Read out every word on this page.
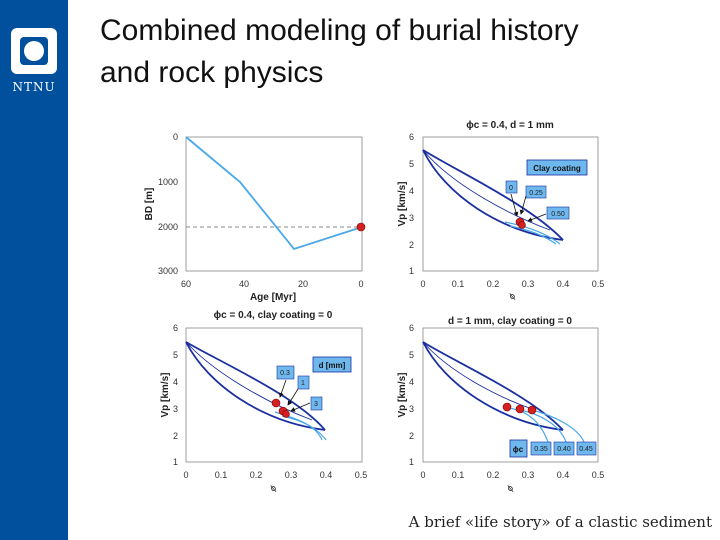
NTNU
Combined modeling of burial history
and rock physics
0
1000
2000
3000
60	40	20	0
BD [m]
Age [Myr]
ϕc = 0.4, d = 1 mm
Clay coating
0
0.25
0.50
6
5
4
3
2
1
0	0.1 0.2 0.3 0.4 0.5
Vp [km/s]
ϕ
ϕc = 0.4, clay coating = 0
d [mm]
0.3
1
3
6
5
4
3
2
1
0	0.1 0.2 0.3 0.4 0.5
Vp [km/s]
ϕ
d = 1 mm, clay coating = 0
ϕc 0.35 0.40 0.45
6
5
4
3
2
1
0	0.1 0.2 0.3 0.4 0.5
Vp [km/s]
ϕ
A brief «life story» of a clastic sediment
